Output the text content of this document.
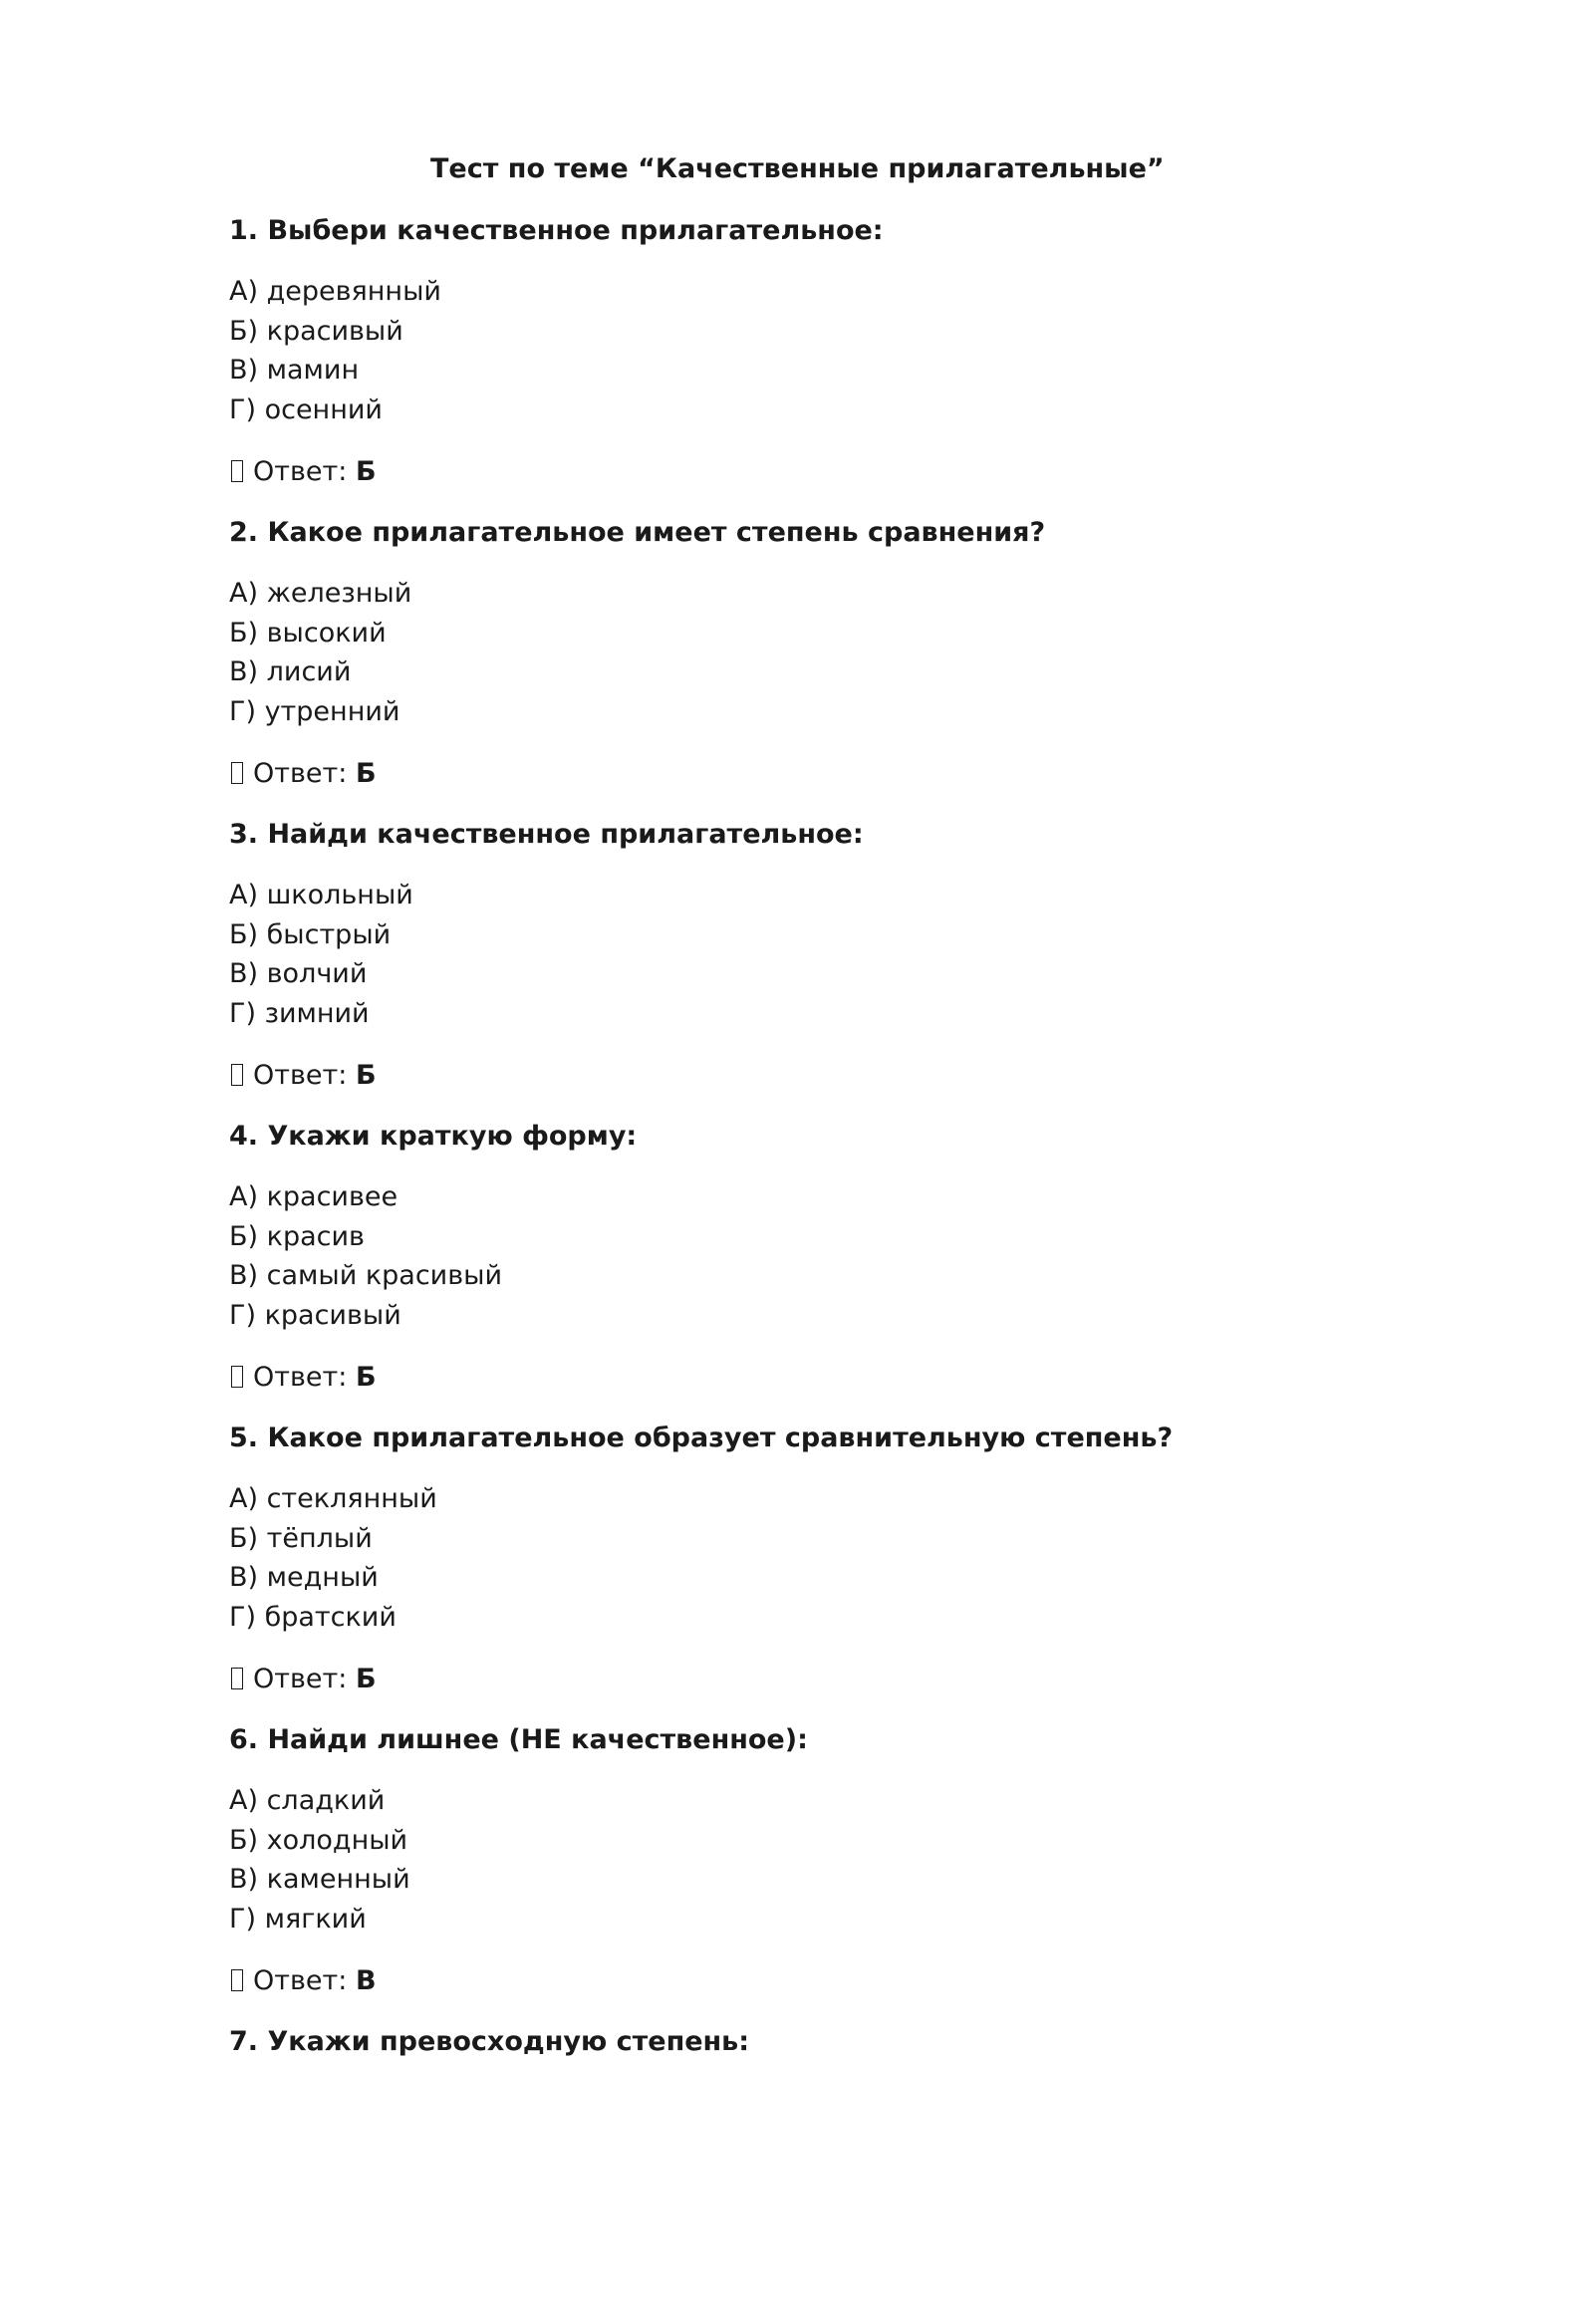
Тест по теме “Качественные прилагательные”

1. Выбери качественное прилагательное:

А) деревянный
Б) красивый
В) мамин
Г) осенний
Ответ: Б

2. Какое прилагательное имеет степень сравнения?

А) железный
Б) высокий
В) лисий
Г) утренний
Ответ: Б

3. Найди качественное прилагательное:

А) школьный
Б) быстрый
В) волчий
Г) зимний
Ответ: Б

4. Укажи краткую форму:

А) красивее
Б) красив
В) самый красивый
Г) красивый
Ответ: Б

5. Какое прилагательное образует сравнительную степень?

А) стеклянный
Б) тёплый
В) медный
Г) братский
Ответ: Б

6. Найди лишнее (НЕ качественное):

А) сладкий
Б) холодный
В) каменный
Г) мягкий
Ответ: В

7. Укажи превосходную степень:
